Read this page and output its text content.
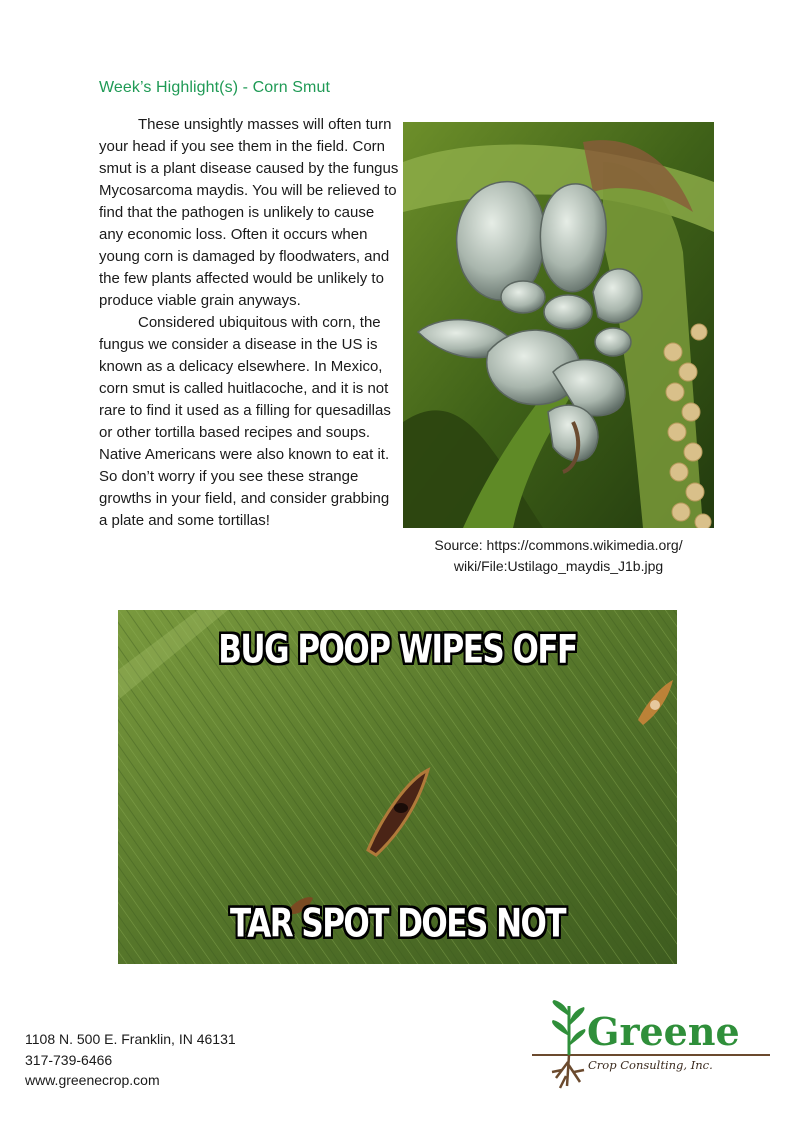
Week’s Highlight(s) - Corn Smut

These unsightly masses will often turn your head if you see them in the field. Corn smut is a plant disease caused by the fungus Mycosarcoma maydis. You will be relieved to find that the pathogen is unlikely to cause any economic loss. Often it occurs when young corn is damaged by floodwaters, and the few plants affected would be unlikely to produce viable grain anyways.

Considered ubiquitous with corn, the fungus we consider a disease in the US is known as a delicacy elsewhere. In Mexico, corn smut is called huitlacoche, and it is not rare to find it used as a filling for quesadillas or other tortilla based recipes and soups. Native Americans were also known to eat it. So don’t worry if you see these strange growths in your field, and consider grabbing a plate and some tortillas!

Source: https://commons.wikimedia.org/
wiki/File:Ustilago_maydis_J1b.jpg
BUG POOP WIPES OFF
TAR SPOT DOES NOT
1108 N. 500 E. Franklin, IN 46131
317-739-6466
www.greenecrop.com
Greene
Crop Consulting, Inc.
